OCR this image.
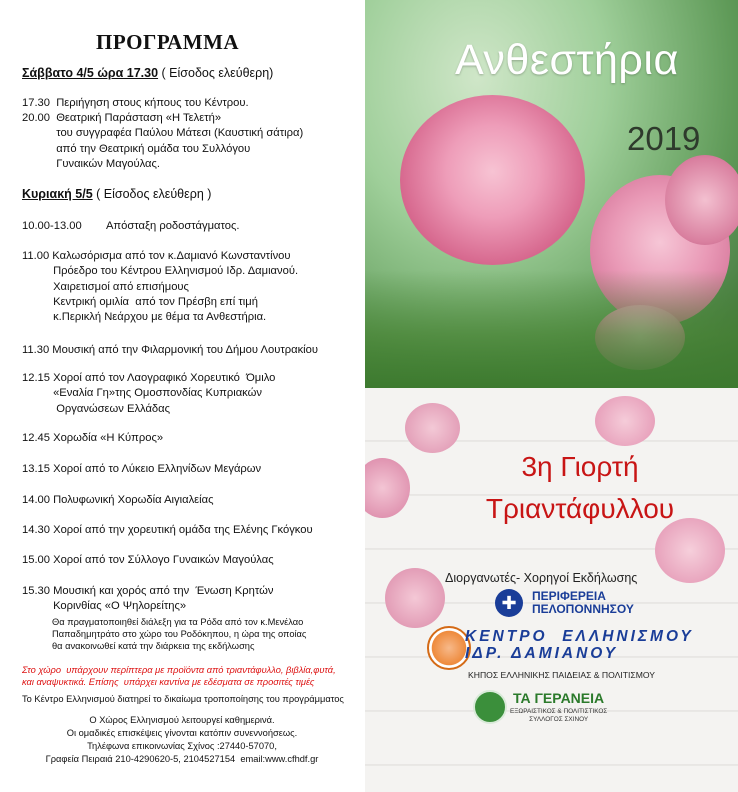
ΠΡΟΓΡΑΜΜΑ
Σάββατο 4/5 ώρα 17.30 ( Είσοδος ελεύθερη)
17.30  Περιήγηση στους κήπους του Κέντρου.
20.00  Θεατρική Παράσταση «Η Τελετή»
του συγγραφέα Παύλου Μάτεσι (Καυστική σάτιρα)
από την Θεατρική ομάδα του Συλλόγου
Γυναικών Μαγούλας.
Κυριακή 5/5 ( Είσοδος ελεύθερη )
10.00-13.00        Απόσταξη ροδοστάγματος.
11.00 Καλωσόρισμα από τον κ.Δαμιανό Κωνσταντίνου
Πρόεδρο του Κέντρου Ελληνισμού Ιδρ. Δαμιανού.
Χαιρετισμοί από επισήμους
Κεντρική ομιλία  από τον Πρέσβη επί τιμή
κ.Περικλή Νεάρχου με θέμα τα Ανθεστήρια.
11.30 Μουσική από την Φιλαρμονική του Δήμου Λουτρακίου
12.15 Χοροί από τον Λαογραφικό Χορευτικό  Όμιλο
«Εναλία Γη»της Ομοσπονδίας Κυπριακών
Οργανώσεων Ελλάδας
12.45 Χορωδία «Η Κύπρος»
13.15 Χοροί από το Λύκειο Ελληνίδων Μεγάρων
14.00 Πολυφωνική Χορωδία Αιγιαλείας
14.30 Χοροί από την χορευτική ομάδα της Ελένης Γκόγκου
15.00 Χοροί από τον Σύλλογο Γυναικών Μαγούλας
15.30 Μουσική και χορός από την  Ένωση Κρητών
Κορινθίας «Ο Ψηλορείτης»
Θα πραγματοποιηθεί διάλεξη για τα Ρόδα από τον κ.Μενέλαο
Παπαδημητράτο στο χώρο του Ροδόκηπου, η ώρα της οποίας
θα ανακοινωθεί κατά την διάρκεια της εκδήλωσης
Στο χώρο  υπάρχουν περίπτερα με προϊόντα από τριαντάφυλλο, βιβλία,φυτά,
και αναψυκτικά. Επίσης  υπάρχει καντίνα με εδέσματα σε προσιτές τιμές
Το Κέντρο Ελληνισμού διατηρεί το δικαίωμα τροποποίησης του προγράμματος
Ο Χώρος Ελληνισμού λειτουργεί καθημερινά.
Οι ομαδικές επισκέψεις γίνονται κατόπιν συνεννοήσεως.
Τηλέφωνα επικοινωνίας Σχίνος :27440-57070,
Γραφεία Πειραιά 210-4290620-5, 2104527154  email:www.cfhdf.gr
Ανθεστήρια
2019
3η Γιορτή
Τριαντάφυλλου
Διοργανωτές- Χορηγοί Εκδήλωσης
✚	ΠΕΡΙΦΕΡΕΙΑ
ΠΕΛΟΠΟΝΝΗΣΟΥ
ΚΕΝΤΡΟ  ΕΛΛΗΝΙΣΜΟΥ
ΙΔΡ. ΔΑΜΙΑΝΟΥ
ΚΗΠΟΣ ΕΛΛΗΝΙΚΗΣ ΠΑΙΔΕΙΑΣ & ΠΟΛΙΤΙΣΜΟΥ
ΤΑ ΓΕΡΑΝΕΙΑ
ΕΞΩΡΑΙΣΤΙΚΟΣ & ΠΟΛΙΤΙΣΤΙΚΟΣ
ΣΥΛΛΟΓΟΣ ΣΧΙΝΟΥ
